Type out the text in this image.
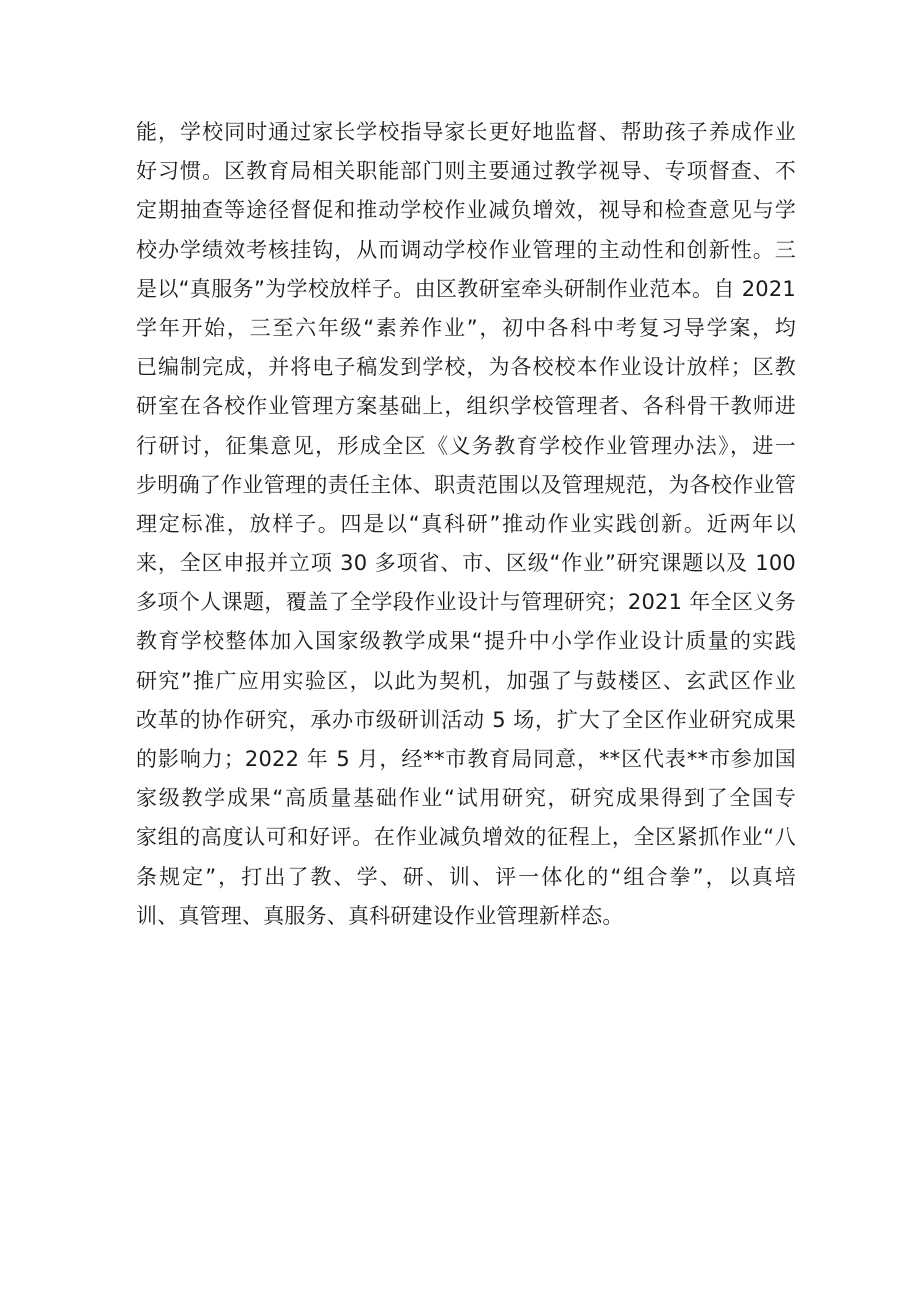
能，学校同时通过家长学校指导家长更好地监督、帮助孩子养成作业
好习惯。区教育局相关职能部门则主要通过教学视导、专项督查、不
定期抽查等途径督促和推动学校作业减负增效，视导和检查意见与学
校办学绩效考核挂钩，从而调动学校作业管理的主动性和创新性。三
是以“真服务”为学校放样子。由区教研室牵头研制作业范本。自 2021
学年开始，三至六年级“素养作业”，初中各科中考复习导学案，均
已编制完成，并将电子稿发到学校，为各校校本作业设计放样；区教
研室在各校作业管理方案基础上，组织学校管理者、各科骨干教师进
行研讨，征集意见，形成全区《义务教育学校作业管理办法》，进一
步明确了作业管理的责任主体、职责范围以及管理规范，为各校作业管
理定标准，放样子。四是以“真科研”推动作业实践创新。近两年以
来，全区申报并立项 30 多项省、市、区级“作业”研究课题以及 100
多项个人课题，覆盖了全学段作业设计与管理研究；2021 年全区义务
教育学校整体加入国家级教学成果“提升中小学作业设计质量的实践
研究”推广应用实验区，以此为契机，加强了与鼓楼区、玄武区作业
改革的协作研究，承办市级研训活动 5 场，扩大了全区作业研究成果
的影响力；2022 年 5 月，经**市教育局同意，**区代表**市参加国
家级教学成果“高质量基础作业“试用研究，研究成果得到了全国专
家组的高度认可和好评。在作业减负增效的征程上，全区紧抓作业“八
条规定”，打出了教、学、研、训、评一体化的“组合拳”，以真培
训、真管理、真服务、真科研建设作业管理新样态。
